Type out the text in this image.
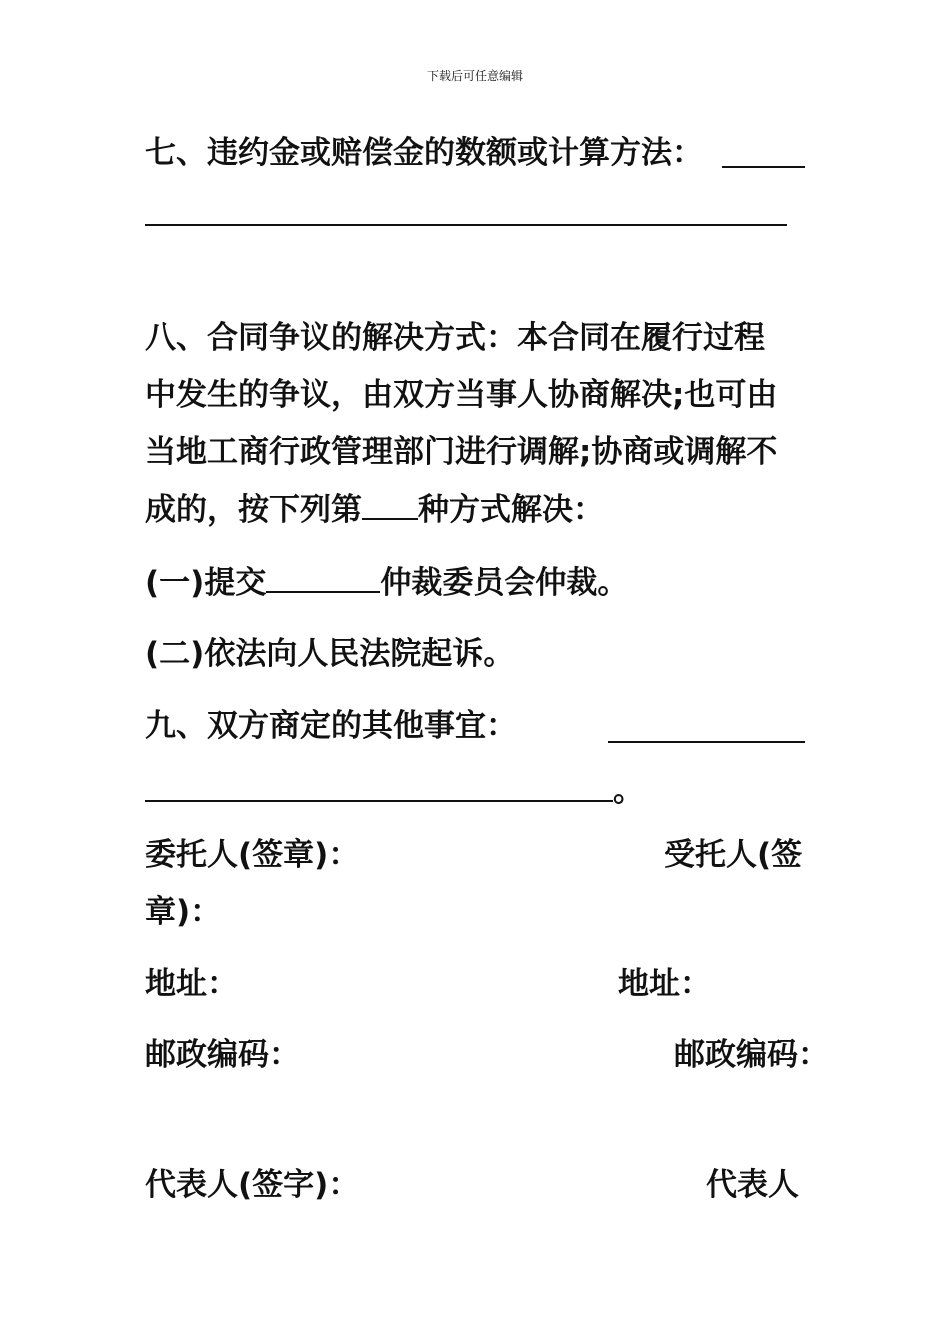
下载后可任意编辑
七、违约金或赔偿金的数额或计算方法：
八、合同争议的解决方式：本合同在履行过程
中发生的争议，由双方当事人协商解决;也可由
当地工商行政管理部门进行调解;协商或调解不
成的，按下列第 种方式解决：
(一)提交	仲裁委员会仲裁。
(二)依法向人民法院起诉。
九、双方商定的其他事宜：
。
委托人(签章)：	受托人(签
章)：
地址：	地址：
邮政编码：	邮政编码：
代表人(签字)：	代表人
